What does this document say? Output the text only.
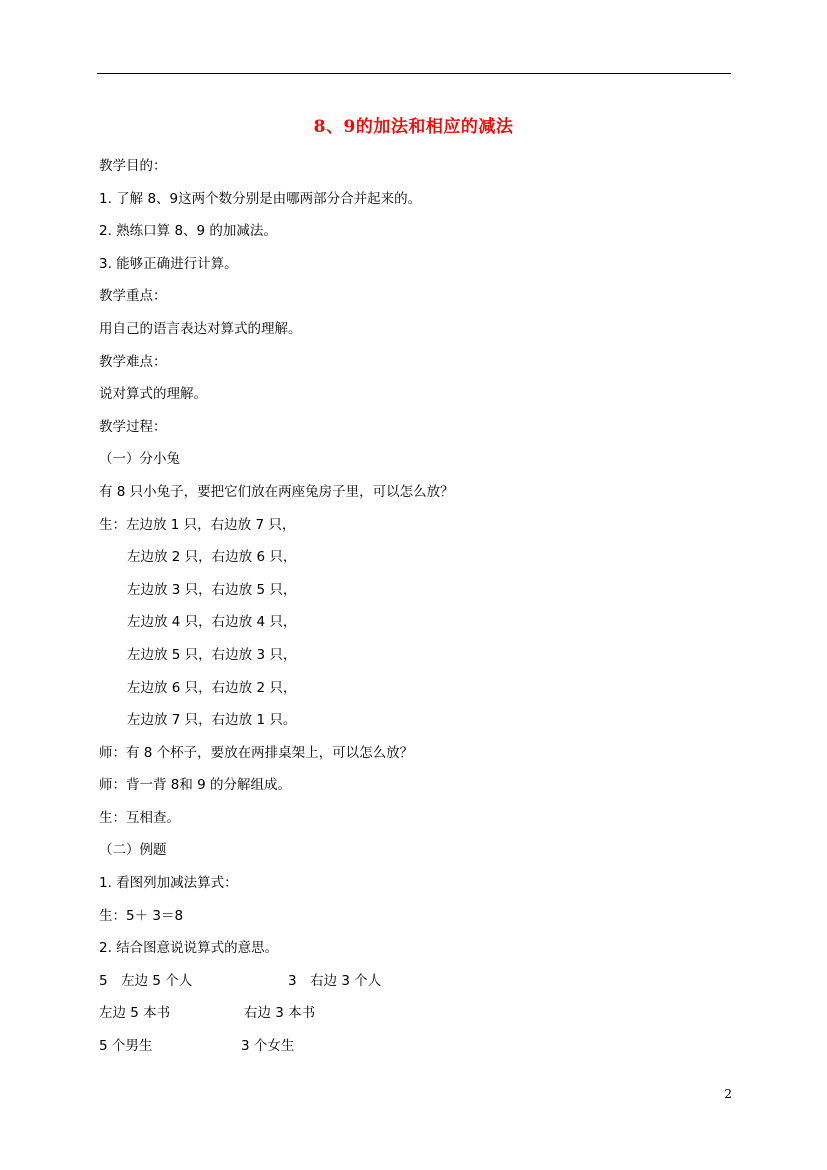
8、9的加法和相应的减法
教学目的：
1. 了解 8、9这两个数分别是由哪两部分合并起来的。
2. 熟练口算 8、9 的加减法。
3. 能够正确进行计算。
教学重点：
用自己的语言表达对算式的理解。
教学难点：
说对算式的理解。
教学过程：
（一）分小兔
有 8 只小兔子，要把它们放在两座兔房子里，可以怎么放？
生：左边放 1 只，右边放 7 只，
左边放 2 只，右边放 6 只，
左边放 3 只，右边放 5 只，
左边放 4 只，右边放 4 只，
左边放 5 只，右边放 3 只，
左边放 6 只，右边放 2 只，
左边放 7 只，右边放 1 只。
师：有 8 个杯子，要放在两排桌架上，可以怎么放？
师：背一背 8和 9 的分解组成。
生：互相查。
（二）例题
1. 看图列加减法算式：
生：5＋ 3＝8
2. 结合图意说说算式的意思。
5　左边 5 个人	3　右边 3 个人
左边 5 本书	右边 3 本书
5 个男生	3 个女生
2
